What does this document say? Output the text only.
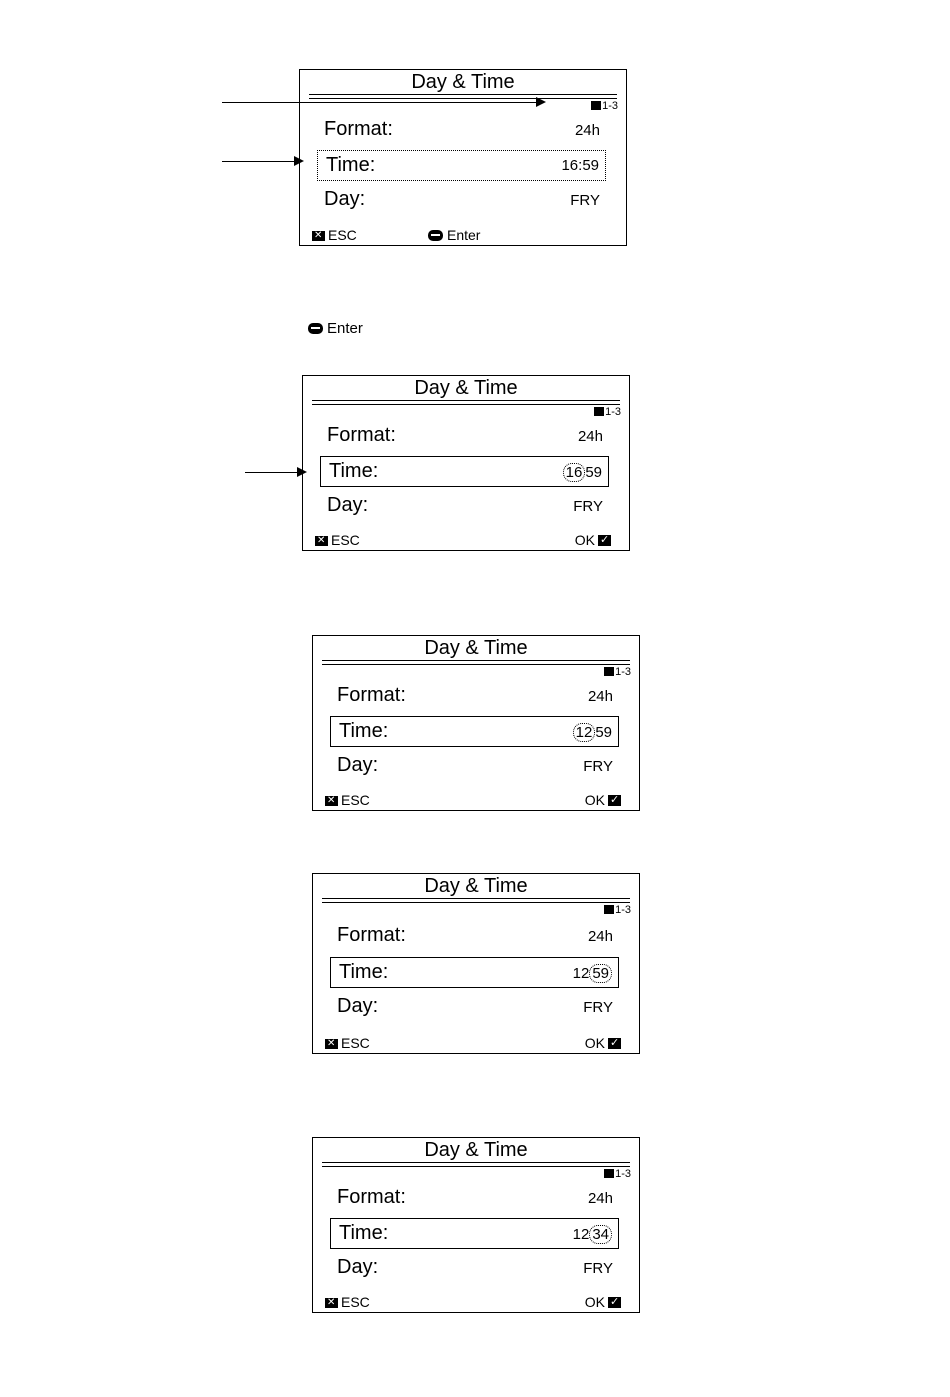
Day & Time
1-3
Format:	24h
Time:	16:59
Day:	FRY
✕ESC	Enter
Enter
Day & Time
1-3
Format:	24h
Time:	16 59
Day:	FRY
✕ESC	OK✓
Day & Time
1-3
Format:	24h
Time:	12 59
Day:	FRY
✕ESC	OK✓
Day & Time
1-3
Format:	24h
Time:	12 59
Day:	FRY
✕ESC	OK✓
Day & Time
1-3
Format:	24h
Time:	12 34
Day:	FRY
✕ESC	OK✓
